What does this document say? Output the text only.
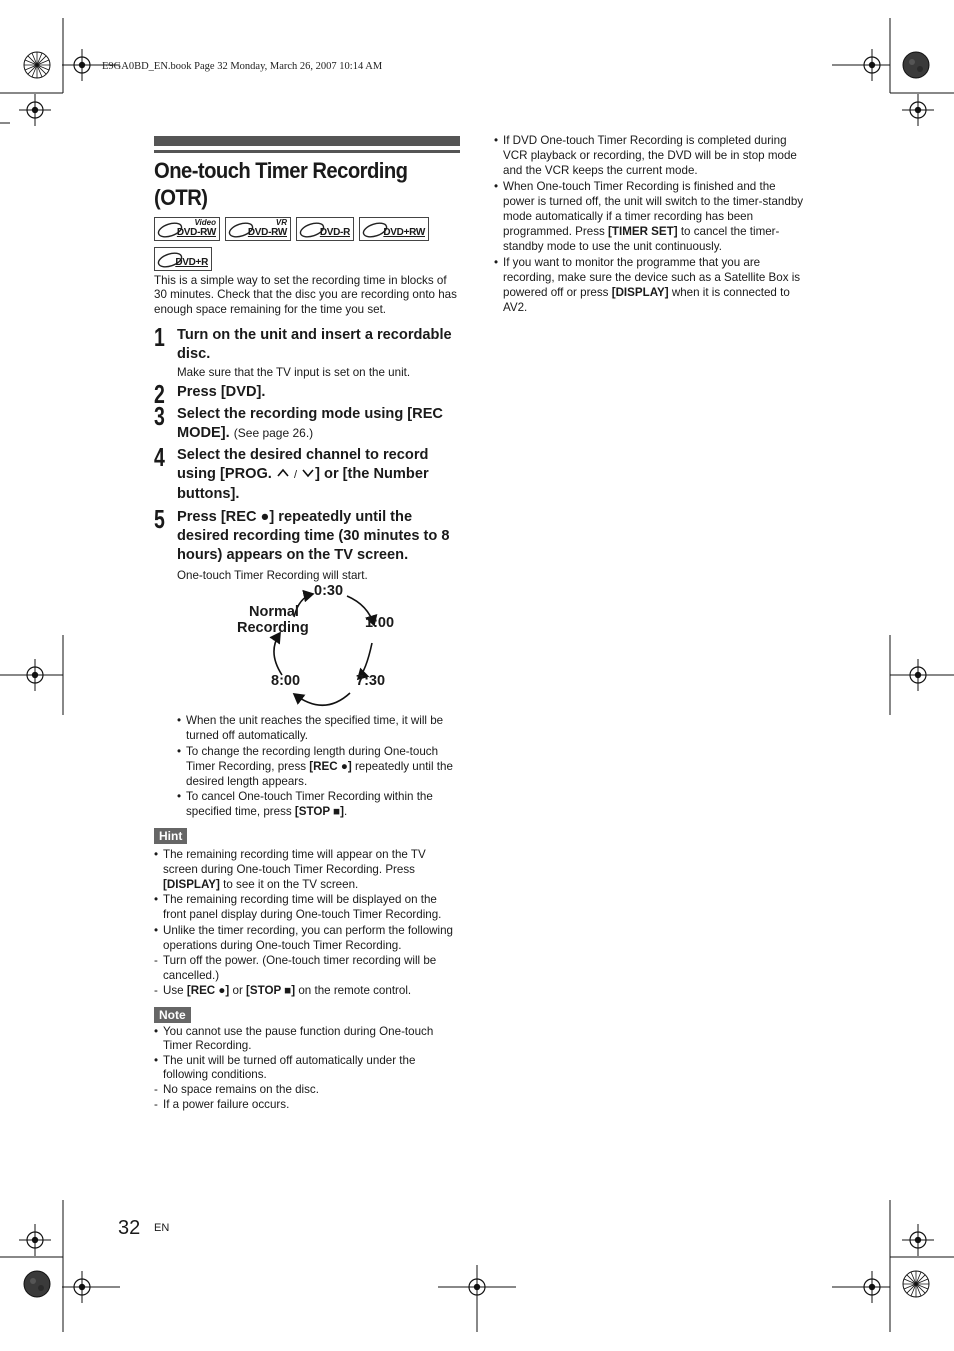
E9GA0BD_EN.book Page 32 Monday, March 26, 2007 10:14 AM
One-touch Timer Recording (OTR)
Video
DVD-RW
VR
DVD-RW	DVD-R	DVD+RW
DVD+R

This is a simple way to set the recording time in blocks of 30 minutes. Check that the disc you are recording onto has enough space remaining for the time you set.

1 Turn on the unit and insert a recordable disc.
Make sure that the TV input is set on the unit.
2 Press [DVD].
3 Select the recording mode using [REC MODE]. (See page 26.)
4 Select the desired channel to record using [PROG.  / ] or [the Number buttons].
5 Press [REC ●] repeatedly until the desired recording time (30 minutes to 8 hours) appears on the TV screen.
One-touch Timer Recording will start.
Normal
Recording
0:30
1:00
7:30
8:00
• When the unit reaches the specified time, it will be turned off automatically.
• To change the recording length during One-touch Timer Recording, press [REC ●] repeatedly until the desired length appears.
• To cancel One-touch Timer Recording within the specified time, press [STOP ■].
Hint
• The remaining recording time will appear on the TV screen during One-touch Timer Recording. Press [DISPLAY] to see it on the TV screen.
• The remaining recording time will be displayed on the front panel display during One-touch Timer Recording.
• Unlike the timer recording, you can perform the following operations during One-touch Timer Recording.
- Turn off the power. (One-touch timer recording will be cancelled.)
- Use [REC ●] or [STOP ■] on the remote control.
Note
• You cannot use the pause function during One-touch Timer Recording.
• The unit will be turned off automatically under the following conditions.
- No space remains on the disc.
- If a power failure occurs.
• If DVD One-touch Timer Recording is completed during VCR playback or recording, the DVD will be in stop mode and the VCR keeps the current mode.
• When One-touch Timer Recording is finished and the power is turned off, the unit will switch to the timer-standby mode automatically if a timer recording has been programmed. Press [TIMER SET] to cancel the timer-standby mode to use the unit continuously.
• If you want to monitor the programme that you are recording, make sure the device such as a Satellite Box is powered off or press [DISPLAY] when it is connected to AV2.
32 EN
